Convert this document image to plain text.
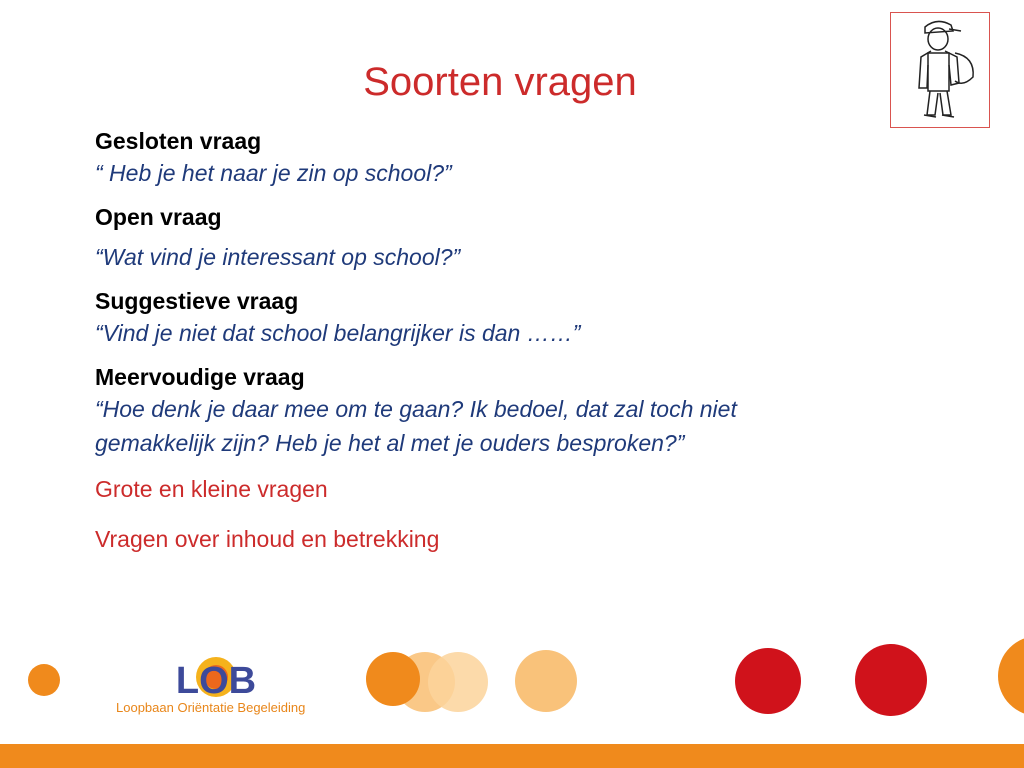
Soorten vragen
Gesloten vraag
“ Heb je het naar je zin op school?”
Open vraag
“Wat vind je interessant op school?”
Suggestieve vraag
“Vind je niet dat school belangrijker is dan ……”
Meervoudige vraag
“Hoe denk je daar mee om te gaan? Ik bedoel, dat zal toch niet gemakkelijk zijn? Heb je het al met je ouders besproken?”
Grote en kleine vragen
Vragen over inhoud en betrekking
LOB
Loopbaan Oriëntatie Begeleiding
